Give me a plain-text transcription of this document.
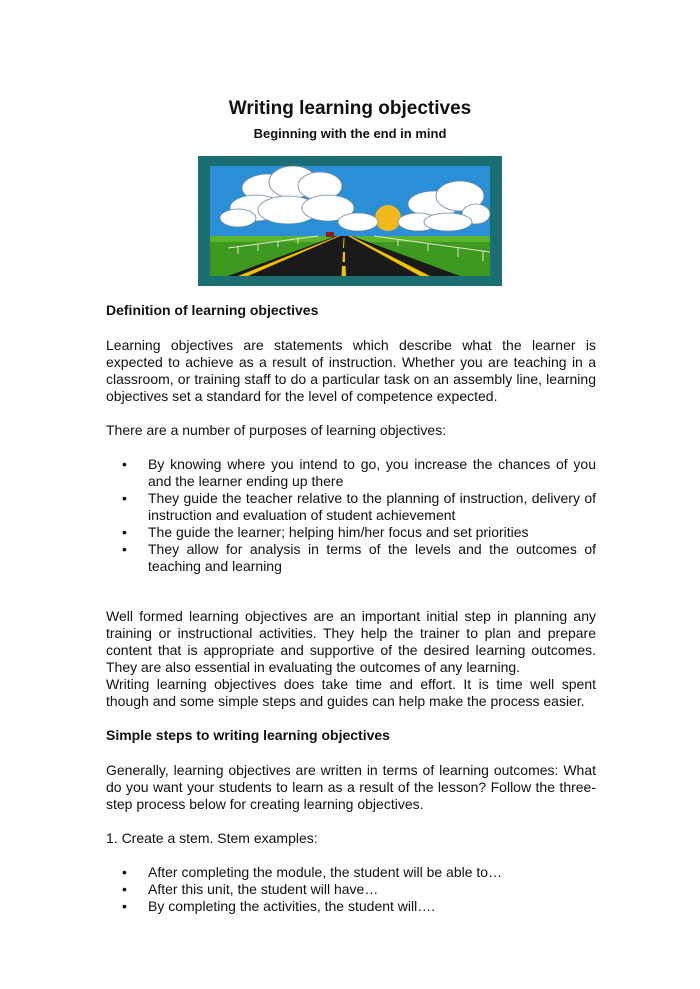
Writing learning objectives
Beginning with the end in mind

Definition of learning objectives

Learning objectives are statements which describe what the learner is expected to achieve as a result of instruction. Whether you are teaching in a classroom, or training staff to do a particular task on an assembly line, learning objectives set a standard for the level of competence expected.

There are a number of purposes of learning objectives:

• By knowing where you intend to go, you increase the chances of you and the learner ending up there
• They guide the teacher relative to the planning of instruction, delivery of instruction and evaluation of student achievement
• The guide the learner; helping him/her focus and set priorities
• They allow for analysis in terms of the levels and the outcomes of teaching and learning

Well formed learning objectives are an important initial step in planning any training or instructional activities. They help the trainer to plan and prepare content that is appropriate and supportive of the desired learning outcomes. They are also essential in evaluating the outcomes of any learning.

Writing learning objectives does take time and effort. It is time well spent though and some simple steps and guides can help make the process easier.

Simple steps to writing learning objectives

Generally, learning objectives are written in terms of learning outcomes: What do you want your students to learn as a result of the lesson? Follow the three-step process below for creating learning objectives.

1. Create a stem. Stem examples:

• After completing the module, the student will be able to…
• After this unit, the student will have…
• By completing the activities, the student will….
